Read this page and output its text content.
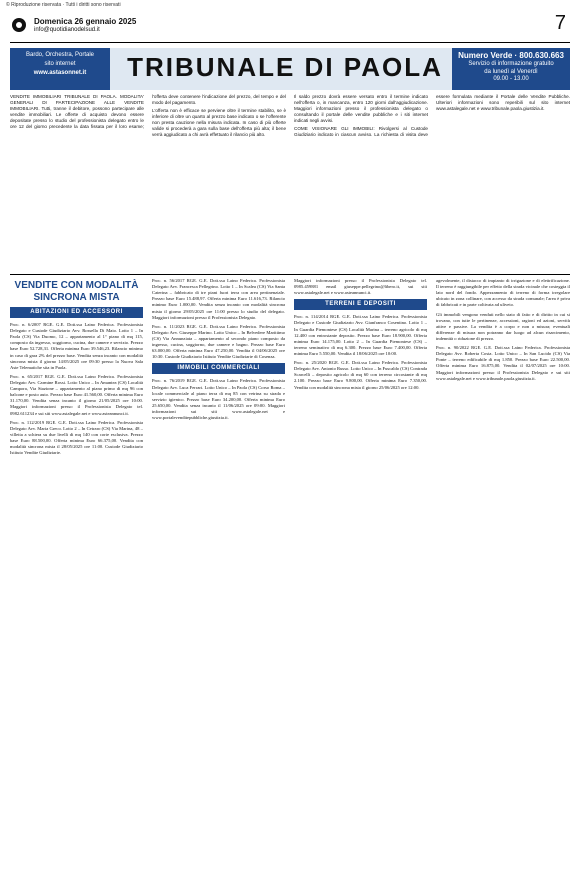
© Riproduzione riservata · Tutti i diritti sono riservati
Domenica 26 gennaio 2025
info@quotidianodelsud.it	7
Bardo, Orchestra, Portale
sito internet
www.astasonnet.it	TRIBUNALE DI PAOLA	Numero Verde · 800.630.663
Servizio di informazione gratuito
da lunedì al Venerdì
09.00 - 13.00

VENDITE IMMOBILIARI TRIBUNALE DI PAOLA. MODALITA' GENERALI DI PARTECIPAZIONE ALLE VENDITE IMMOBILIARI. Tutti, tranne il debitore, possono partecipare alle vendite immobiliari. Le offerte di acquisto devono essere depositate presso lo studio del professionista delegato entro le ore 12 del giorno precedente la data fissata per il loro esame; l'offerta deve contenere l'indicazione del prezzo, del tempo e del modo del pagamento.

L'offerta non è efficace se perviene oltre il termine stabilito, se è inferiore di oltre un quarto al prezzo base indicato o se l'offerente non presta cauzione nella misura indicata. In caso di più offerte valide si procederà a gara sulla base dell'offerta più alta; il bene verrà aggiudicato a chi avrà effettuato il rilancio più alto.

Il saldo prezzo dovrà essere versato entro il termine indicato nell'offerta o, in mancanza, entro 120 giorni dall'aggiudicazione. Maggiori informazioni presso il professionista delegato o consultando il portale delle vendite pubbliche e i siti internet indicati negli avvisi.

COME VISIONARE GLI IMMOBILI: Rivolgersi al Custode Giudiziario indicato in ciascun avviso. La richiesta di visita deve essere formulata mediante il Portale delle Vendite Pubbliche. Ulteriori informazioni sono reperibili sul sito internet www.astalegale.net e www.tribunale.paola.giustizia.it.

VENDITE CON MODALITÀ SINCRONA MISTA
ABITAZIONI ED ACCESSORI

Proc. n. 6/2007 RGE. G.E. Dott.ssa Laino Federica. Professionista Delegato e Custode Giudiziario Avv. Rossella Di Maio. Lotto 1 – In Paola (CS) Via Duomo, 12 – appartamento al 1° piano di mq 115, composto da ingresso, soggiorno, cucina, due camere e servizio. Prezzo base Euro 52.728,31. Offerta minima Euro 39.546,23. Rilancio minimo in caso di gara 2% del prezzo base. Vendita senza incanto con modalità sincrona mista il giorno 14/05/2025 ore 09:30 presso la Nuova Sala Aste Telematiche sita in Paola.

Proc. n. 65/2017 RGE. G.E. Dott.ssa Laino Federica. Professionista Delegato Avv. Carmine Rossi. Lotto Unico – In Amantea (CS) Località Campora, Via Stazione – appartamento al piano primo di mq 96 con balcone e posto auto. Prezzo base Euro 41.560,00. Offerta minima Euro 31.170,00. Vendita senza incanto il giorno 21/05/2025 ore 10:00. Maggiori informazioni presso il Professionista Delegato tel. 0982.611234 e sui siti www.astalegale.net e www.asteannunci.it.

Proc. n. 112/2019 RGE. G.E. Dott.ssa Laino Federica. Professionista Delegato Avv. Maria Greco. Lotto 2 – In Cetraro (CS) Via Marina, 48 – villetta a schiera su due livelli di mq 140 con corte esclusiva. Prezzo base Euro 88.500,00. Offerta minima Euro 66.375,00. Vendita con modalità sincrona mista il 28/05/2025 ore 11:00. Custode Giudiziario Istituto Vendite Giudiziarie.

Proc. n. 56/2017 RGE. G.E. Dott.ssa Laino Federica. Professionista Delegato Avv. Francesca Pellegrino. Lotto 1 – In Scalea (CS) Via Santa Caterina – fabbricato di tre piani fuori terra con area pertinenziale. Prezzo base Euro 15.488,97. Offerta minima Euro 11.616,73. Rilancio minimo Euro 1.000,00. Vendita senza incanto con modalità sincrona mista il giorno 29/05/2025 ore 11:00 presso lo studio del delegato. Maggiori informazioni presso il Professionista Delegato.

Proc. n. 11/2023 RGE. G.E. Dott.ssa Laino Federica. Professionista Delegato Avv. Giuseppe Marino. Lotto Unico – In Belvedere Marittimo (CS) Via Annunziata – appartamento al secondo piano composto da ingresso, cucina, soggiorno, due camere e bagno. Prezzo base Euro 63.000,00. Offerta minima Euro 47.250,00. Vendita il 04/06/2025 ore 10:30. Custode Giudiziario Istituto Vendite Giudiziarie di Cosenza.

IMMOBILI COMMERCIALI

Proc. n. 76/2019 RGE. G.E. Dott.ssa Laino Federica. Professionista Delegato Avv. Luca Ferrari. Lotto Unico – In Paola (CS) Corso Roma – locale commerciale al piano terra di mq 85 con vetrina su strada e servizio igienico. Prezzo base Euro 34.200,00. Offerta minima Euro 25.650,00. Vendita senza incanto il 11/06/2025 ore 09:00. Maggiori informazioni sui siti www.astalegale.net e www.portalevenditepubbliche.giustizia.it.

Maggiori informazioni presso il Professionista Delegato tel. 0985.459881 email giuseppe.pellegrino@libero.it, sui siti www.astalegale.net e www.asteannunci.it.

TERRENI E DEPOSITI

Proc. n. 114/2014 RGE. G.E. Dott.ssa Laino Federica. Professionista Delegato e Custode Giudiziario Avv. Gianfranco Cosentino. Lotto 1 – In Guardia Piemontese (CS) Località Marina – terreno agricolo di mq 12.400 con entrostante deposito. Prezzo base Euro 18.900,00. Offerta minima Euro 14.175,00. Lotto 2 – In Guardia Piemontese (CS) – terreno seminativo di mq 6.300. Prezzo base Euro 7.400,00. Offerta minima Euro 5.550,00. Vendita il 18/06/2025 ore 10:00.

Proc. n. 25/2020 RGE. G.E. Dott.ssa Laino Federica. Professionista Delegato Avv. Antonio Russo. Lotto Unico – In Fuscaldo (CS) Contrada Scarcelli – deposito agricolo di mq 60 con terreno circostante di mq 2.100. Prezzo base Euro 9.800,00. Offerta minima Euro 7.350,00. Vendita con modalità sincrona mista il giorno 25/06/2025 ore 12:00.

agevolmente, il distacco di impianto di irrigazione e di elettrificazione. Il terreno è raggiungibile per effetto della strada vicinale che costeggia il lato nord del fondo. Appezzamento di terreno di forma irregolare ubicato in zona collinare, con accesso da strada comunale; l'area è priva di fabbricati e in parte coltivata ad uliveto.

Gli immobili vengono venduti nello stato di fatto e di diritto in cui si trovano, con tutte le pertinenze, accessioni, ragioni ed azioni, servitù attive e passive. La vendita è a corpo e non a misura; eventuali differenze di misura non potranno dar luogo ad alcun risarcimento, indennità o riduzione di prezzo.

Proc. n. 90/2022 RGE. G.E. Dott.ssa Laino Federica. Professionista Delegato Avv. Roberta Costa. Lotto Unico – In San Lucido (CS) Via Ponte – terreno edificabile di mq 1.850. Prezzo base Euro 22.500,00. Offerta minima Euro 16.875,00. Vendita il 02/07/2025 ore 10:00. Maggiori informazioni presso il Professionista Delegato e sui siti www.astalegale.net e www.tribunale.paola.giustizia.it.
